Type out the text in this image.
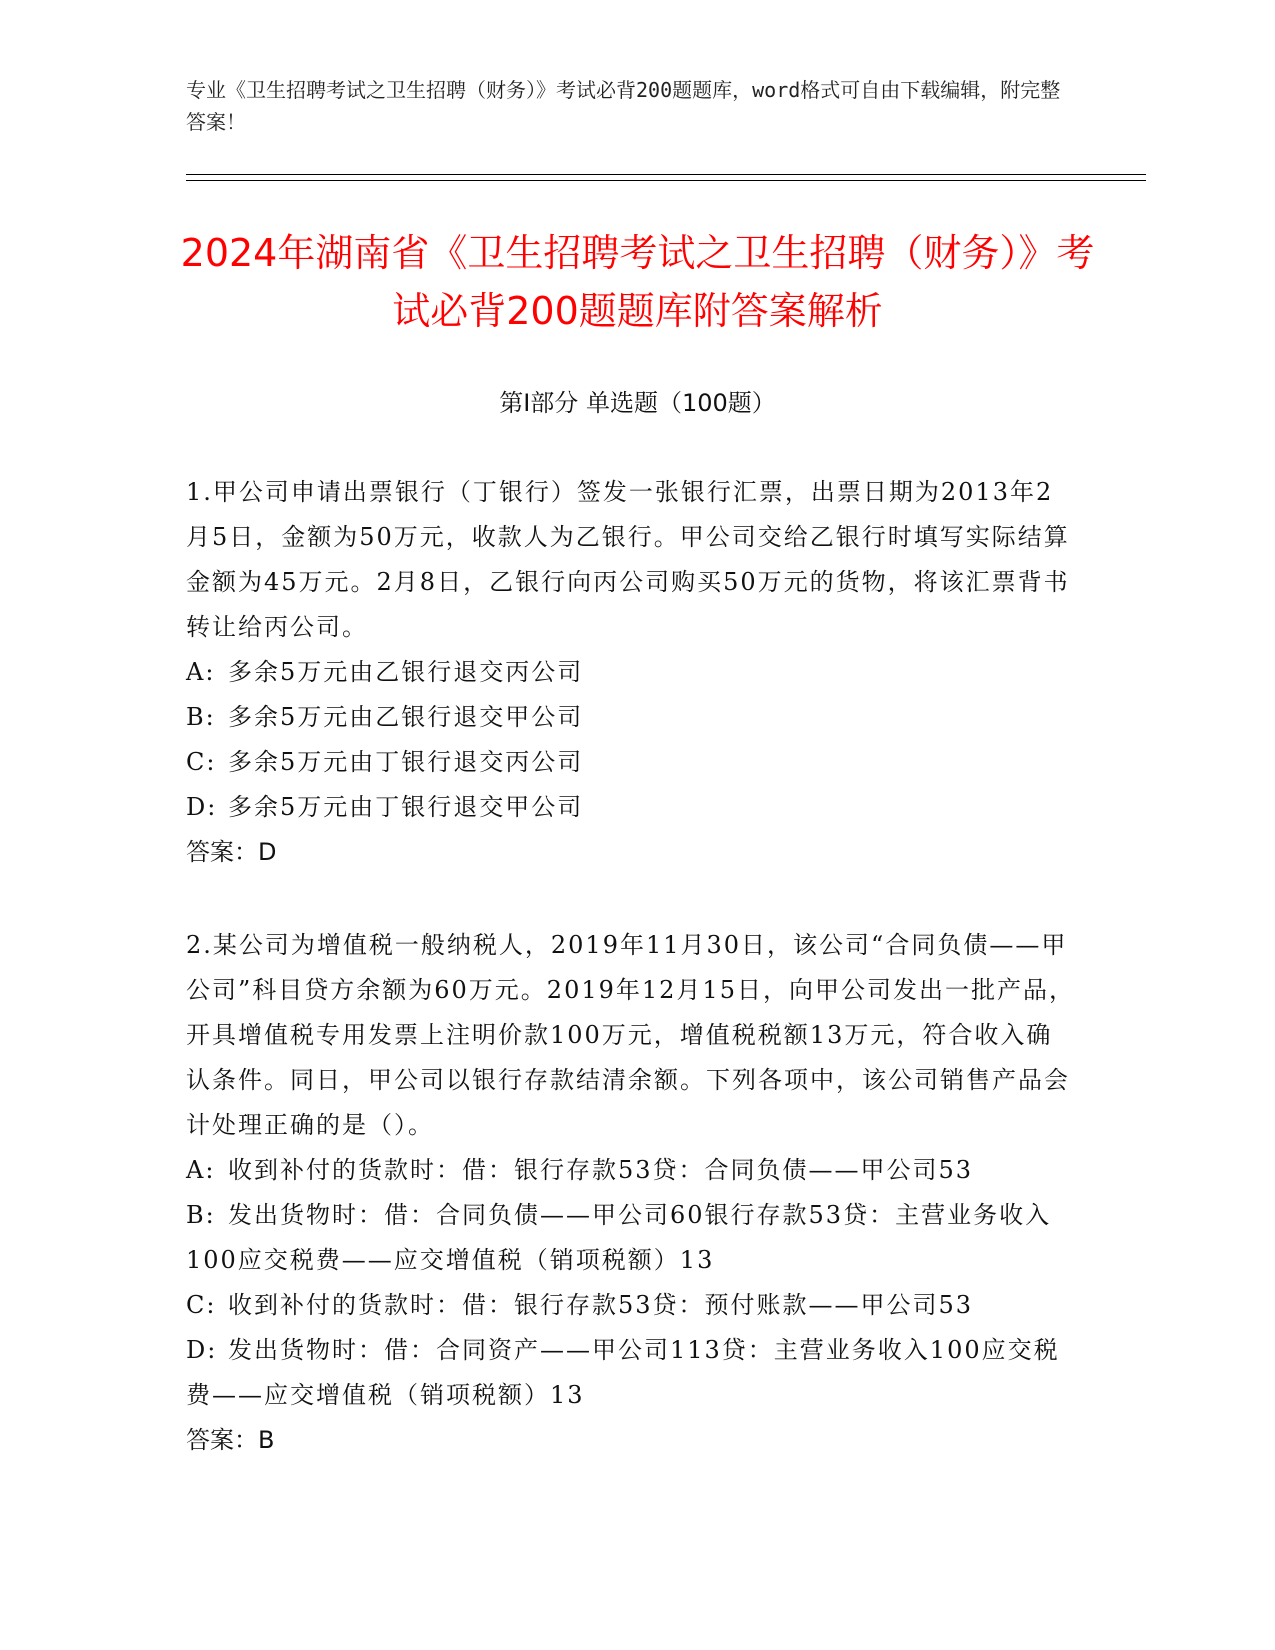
专业《卫生招聘考试之卫生招聘（财务）》考试必背200题题库，word格式可自由下载编辑，附完整答案！
2024年湖南省《卫生招聘考试之卫生招聘（财务）》考试必背200题题库附答案解析
第Ⅰ部分 单选题（100题）

1.甲公司申请出票银行（丁银行）签发一张银行汇票，出票日期为2013年2月5日，金额为50万元，收款人为乙银行。甲公司交给乙银行时填写实际结算金额为45万元。2月8日，乙银行向丙公司购买50万元的货物，将该汇票背书转让给丙公司。

A: 多余5万元由乙银行退交丙公司

B: 多余5万元由乙银行退交甲公司

C: 多余5万元由丁银行退交丙公司

D: 多余5万元由丁银行退交甲公司

答案：D

2.某公司为增值税一般纳税人，2019年11月30日，该公司“合同负债——甲公司”科目贷方余额为60万元。2019年12月15日，向甲公司发出一批产品，开具增值税专用发票上注明价款100万元，增值税税额13万元，符合收入确认条件。同日，甲公司以银行存款结清余额。下列各项中，该公司销售产品会计处理正确的是（）。

A: 收到补付的货款时：借：银行存款53贷：合同负债——甲公司53

B: 发出货物时：借：合同负债——甲公司60银行存款53贷：主营业务收入100应交税费——应交增值税（销项税额）13

C: 收到补付的货款时：借：银行存款53贷：预付账款——甲公司53

D: 发出货物时：借：合同资产——甲公司113贷：主营业务收入100应交税费——应交增值税（销项税额）13

答案：B
